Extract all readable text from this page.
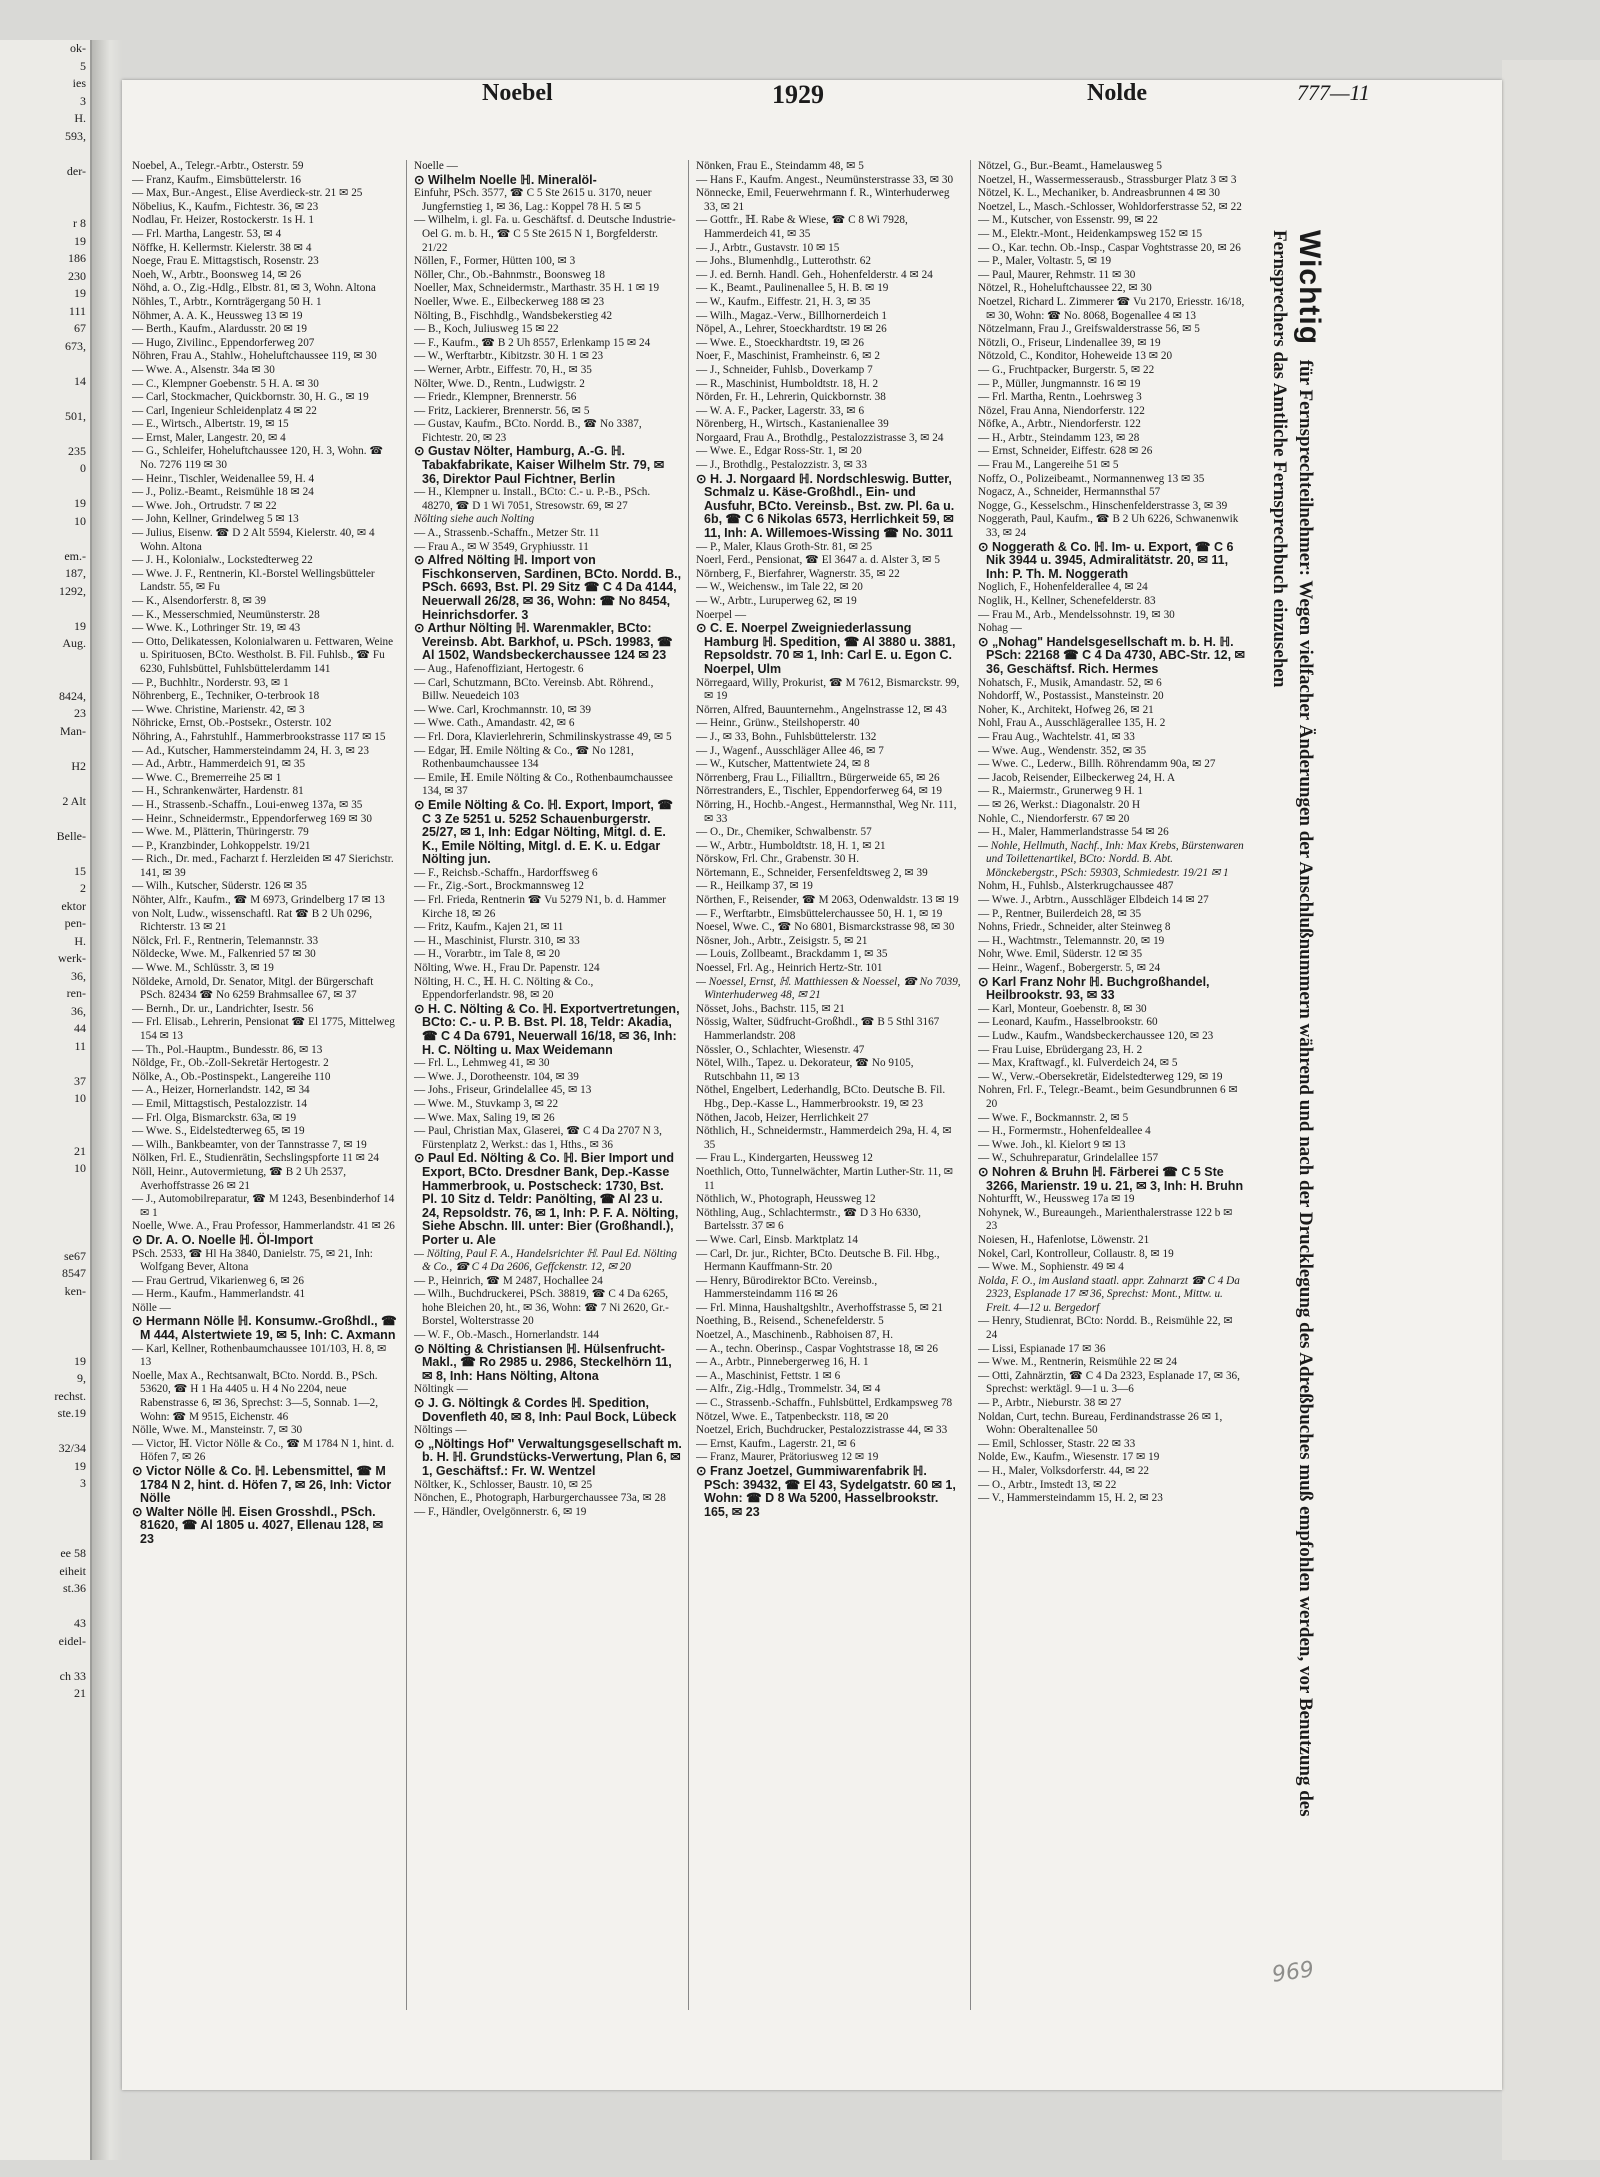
ok-
5
ies
3
H.
593,

der-

r 8
19
186
230
19
111
67
673,

14

501,

235
0

19
10

em.-
187,
1292,

19
Aug.

8424,
23
Man-

H2

2 Alt

Belle-

15
2
ektor
pen-
H.
werk-
36,
ren-
36,
44
11

37
10

21
10

se67
8547
ken-

19
9,
rechst.
ste.19

32/34
19
3

ee 58
eiheit
st.36

43
eidel-

ch 33
21
Noebel	1929	Nolde	777—11
Noebel, A., Telegr.-Arbtr., Osterstr. 59
— Franz, Kaufm., Eimsbüttelerstr. 16
— Max, Bur.-Angest., Elise Averdieck-str. 21 ✉ 25
Nöbelius, K., Kaufm., Fichtestr. 36, ✉ 23
Nodlau, Fr. Heizer, Rostockerstr. 1s H. 1
— Frl. Martha, Langestr. 53, ✉ 4
Nöffke, H. Kellermstr. Kielerstr. 38 ✉ 4
Noege, Frau E. Mittagstisch, Rosenstr. 23
Noeh, W., Arbtr., Boonsweg 14, ✉ 26
Nöhd, a. O., Zig.-Hdlg., Elbstr. 81, ✉ 3, Wohn. Altona
Nöhles, T., Arbtr., Kornträgergang 50 H. 1
Nöhmer, A. A. K., Heussweg 13 ✉ 19
— Berth., Kaufm., Alardusstr. 20 ✉ 19
— Hugo, Zivilinc., Eppendorferweg 207
Nöhren, Frau A., Stahlw., Hoheluftchaussee 119, ✉ 30
— Wwe. A., Alsenstr. 34a ✉ 30
— C., Klempner Goebenstr. 5 H. A. ✉ 30
— Carl, Stockmacher, Quickbornstr. 30, H. G., ✉ 19
— Carl, Ingenieur Schleidenplatz 4 ✉ 22
— E., Wirtsch., Albertstr. 19, ✉ 15
— Ernst, Maler, Langestr. 20, ✉ 4
— G., Schleifer, Hoheluftchaussee 120, H. 3, Wohn. ☎ No. 7276 119 ✉ 30
— Heinr., Tischler, Weidenallee 59, H. 4
— J., Poliz.-Beamt., Reismühle 18 ✉ 24
— Wwe. Joh., Ortrudstr. 7 ✉ 22
— John, Kellner, Grindelweg 5 ✉ 13
— Julius, Eisenw. ☎ D 2 Alt 5594, Kielerstr. 40, ✉ 4 Wohn. Altona
— J. H., Kolonialw., Lockstedterweg 22
— Wwe. J. F., Rentnerin, Kl.-Borstel Wellingsbütteler Landstr. 55, ✉ Fu
— K., Alsendorferstr. 8, ✉ 39
— K., Messerschmied, Neumünsterstr. 28
— Wwe. K., Lothringer Str. 19, ✉ 43
— Otto, Delikatessen, Kolonialwaren u. Fettwaren, Weine u. Spirituosen, BCto. Westholst. B. Fil. Fuhlsb., ☎ Fu 6230, Fuhlsbüttel, Fuhlsbüttelerdamm 141
— P., Buchhltr., Norderstr. 93, ✉ 1
Nöhrenberg, E., Techniker, O-terbrook 18
— Wwe. Christine, Marienstr. 42, ✉ 3
Nöhricke, Ernst, Ob.-Postsekr., Osterstr. 102
Nöhring, A., Fahrstuhlf., Hammerbrookstrasse 117 ✉ 15
— Ad., Kutscher, Hammersteindamm 24, H. 3, ✉ 23
— Ad., Arbtr., Hammerdeich 91, ✉ 35
— Wwe. C., Bremerreihe 25 ✉ 1
— H., Schrankenwärter, Hardenstr. 81
— H., Strassenb.-Schaffn., Loui-enweg 137a, ✉ 35
— Heinr., Schneidermstr., Eppendorferweg 169 ✉ 30
— Wwe. M., Plätterin, Thüringerstr. 79
— P., Kranzbinder, Lohkoppelstr. 19/21
— Rich., Dr. med., Facharzt f. Herzleiden ✉ 47 Sierichstr. 141, ✉ 39
— Wilh., Kutscher, Süderstr. 126 ✉ 35
Nöhter, Alfr., Kaufm., ☎ M 6973, Grindelberg 17 ✉ 13
von Nolt, Ludw., wissenschaftl. Rat ☎ B 2 Uh 0296, Richterstr. 13 ✉ 21
Nölck, Frl. F., Rentnerin, Telemannstr. 33
Nöldecke, Wwe. M., Falkenried 57 ✉ 30
— Wwe. M., Schlüsstr. 3, ✉ 19
Nöldeke, Arnold, Dr. Senator, Mitgl. der Bürgerschaft PSch. 82434 ☎ No 6259 Brahmsallee 67, ✉ 37
— Bernh., Dr. ur., Landrichter, Isestr. 56
— Frl. Elisab., Lehrerin, Pensionat ☎ El 1775, Mittelweg 154 ✉ 13
— Th., Pol.-Hauptm., Bundesstr. 86, ✉ 13
Nöldge, Fr., Ob.-Zoll-Sekretär Hertogestr. 2
Nölke, A., Ob.-Postinspekt., Langereihe 110
— A., Heizer, Hornerlandstr. 142, ✉ 34
— Emil, Mittagstisch, Pestalozzistr. 14
— Frl. Olga, Bismarckstr. 63a, ✉ 19
— Wwe. S., Eidelstedterweg 65, ✉ 19
— Wilh., Bankbeamter, von der Tannstrasse 7, ✉ 19
Nölken, Frl. E., Studienrätin, Sechslingspforte 11 ✉ 24
Nöll, Heinr., Autovermietung, ☎ B 2 Uh 2537, Averhoffstrasse 26 ✉ 21
— J., Automobilreparatur, ☎ M 1243, Besenbinderhof 14 ✉ 1
Noelle, Wwe. A., Frau Professor, Hammerlandstr. 41 ✉ 26
⊙ Dr. A. O. Noelle ℍ. Öl-Import
PSch. 2533, ☎ Hl Ha 3840, Danielstr. 75, ✉ 21, Inh: Wolfgang Bever, Altona
— Frau Gertrud, Vikarienweg 6, ✉ 26
— Herm., Kaufm., Hammerlandstr. 41
Nölle —
⊙ Hermann Nölle ℍ. Konsumw.-Großhdl., ☎ M 444, Alstertwiete 19, ✉ 5, Inh: C. Axmann
— Karl, Kellner, Rothenbaumchaussee 101/103, H. 8, ✉ 13
Noelle, Max A., Rechtsanwalt, BCto. Nordd. B., PSch. 53620, ☎ H 1 Ha 4405 u. H 4 No 2204, neue Rabenstrasse 6, ✉ 36, Sprechst: 3—5, Sonnab. 1—2, Wohn: ☎ M 9515, Eichenstr. 46
Nölle, Wwe. M., Mansteinstr. 7, ✉ 30
— Victor, ℍ. Victor Nölle & Co., ☎ M 1784 N 1, hint. d. Höfen 7, ✉ 26
⊙ Victor Nölle & Co. ℍ. Lebensmittel, ☎ M 1784 N 2, hint. d. Höfen 7, ✉ 26, Inh: Victor Nölle
⊙ Walter Nölle ℍ. Eisen Grosshdl., PSch. 81620, ☎ Al 1805 u. 4027, Ellenau 128, ✉ 23
Noelle —
⊙ Wilhelm Noelle ℍ. Mineralöl-
Einfuhr, PSch. 3577, ☎ C 5 Ste 2615 u. 3170, neuer Jungfernstieg 1, ✉ 36, Lag.: Koppel 78 H. 5 ✉ 5
— Wilhelm, i. gl. Fa. u. Geschäftsf. d. Deutsche Industrie-Oel G. m. b. H., ☎ C 5 Ste 2615 N 1, Borgfelderstr. 21/22
Nöllen, F., Former, Hütten 100, ✉ 3
Nöller, Chr., Ob.-Bahnmstr., Boonsweg 18
Noeller, Max, Schneidermstr., Marthastr. 35 H. 1 ✉ 19
Noeller, Wwe. E., Eilbeckerweg 188 ✉ 23
Nölting, B., Fischhdlg., Wandsbekerstieg 42
— B., Koch, Juliusweg 15 ✉ 22
— F., Kaufm., ☎ B 2 Uh 8557, Erlenkamp 15 ✉ 24
— W., Werftarbtr., Kibitzstr. 30 H. 1 ✉ 23
— Werner, Arbtr., Eiffestr. 70, H., ✉ 35
Nölter, Wwe. D., Rentn., Ludwigstr. 2
— Friedr., Klempner, Brennerstr. 56
— Fritz, Lackierer, Brennerstr. 56, ✉ 5
— Gustav, Kaufm., BCto. Nordd. B., ☎ No 3387, Fichtestr. 20, ✉ 23
⊙ Gustav Nölter, Hamburg, A.-G. ℍ. Tabakfabrikate, Kaiser Wilhelm Str. 79, ✉ 36, Direktor Paul Fichtner, Berlin
— H., Klempner u. Install., BCto: C.- u. P.-B., PSch. 48270, ☎ D 1 Wi 7051, Stresowstr. 69, ✉ 27
Nölting siehe auch Nolting
— A., Strassenb.-Schaffn., Metzer Str. 11
— Frau A., ✉ W 3549, Gryphiusstr. 11
⊙ Alfred Nölting ℍ. Import von Fischkonserven, Sardinen, BCto. Nordd. B., PSch. 6693, Bst. Pl. 29 Sitz ☎ C 4 Da 4144, Neuerwall 26/28, ✉ 36, Wohn: ☎ No 8454, Heinrichsdorfer. 3
⊙ Arthur Nölting ℍ. Warenmakler, BCto: Vereinsb. Abt. Barkhof, u. PSch. 19983, ☎ Al 1502, Wandsbeckerchaussee 124 ✉ 23
— Aug., Hafenoffiziant, Hertogestr. 6
— Carl, Schutzmann, BCto. Vereinsb. Abt. Röhrend., Billw. Neuedeich 103
— Wwe. Carl, Krochmannstr. 10, ✉ 39
— Wwe. Cath., Amandastr. 42, ✉ 6
— Frl. Dora, Klavierlehrerin, Schmilinskystrasse 49, ✉ 5
— Edgar, ℍ. Emile Nölting & Co., ☎ No 1281, Rothenbaumchaussee 134
— Emile, ℍ. Emile Nölting & Co., Rothenbaumchaussee 134, ✉ 37
⊙ Emile Nölting & Co. ℍ. Export, Import, ☎ C 3 Ze 5251 u. 5252 Schauenburgerstr. 25/27, ✉ 1, Inh: Edgar Nölting, Mitgl. d. E. K., Emile Nölting, Mitgl. d. E. K. u. Edgar Nölting jun.
— F., Reichsb.-Schaffn., Hardorffsweg 6
— Fr., Zig.-Sort., Brockmannsweg 12
— Frl. Frieda, Rentnerin ☎ Vu 5279 N1, b. d. Hammer Kirche 18, ✉ 26
— Fritz, Kaufm., Kajen 21, ✉ 11
— H., Maschinist, Flurstr. 310, ✉ 33
— H., Vorarbtr., im Tale 8, ✉ 20
Nölting, Wwe. H., Frau Dr. Papenstr. 124
Nölting, H. C., ℍ. H. C. Nölting & Co., Eppendorferlandstr. 98, ✉ 20
⊙ H. C. Nölting & Co. ℍ. Exportvertretungen, BCto: C.- u. P. B. Bst. Pl. 18, Teldr: Akadia, ☎ C 4 Da 6791, Neuerwall 16/18, ✉ 36, Inh: H. C. Nölting u. Max Weidemann
— Frl. L., Lehmweg 41, ✉ 30
— Wwe. J., Dorotheenstr. 104, ✉ 39
— Johs., Friseur, Grindelallee 45, ✉ 13
— Wwe. M., Stuvkamp 3, ✉ 22
— Wwe. Max, Saling 19, ✉ 26
— Paul, Christian Max, Glaserei, ☎ C 4 Da 2707 N 3, Fürstenplatz 2, Werkst.: das 1, Hths., ✉ 36
⊙ Paul Ed. Nölting & Co. ℍ. Bier Import und Export, BCto. Dresdner Bank, Dep.-Kasse Hammerbrook, u. Postscheck: 1730, Bst. Pl. 10 Sitz d. Teldr: Panölting, ☎ Al 23 u. 24, Repsoldstr. 76, ✉ 1, Inh: P. F. A. Nölting, Siehe Abschn. III. unter: Bier (Großhandl.), Porter u. Ale
— Nölting, Paul F. A., Handelsrichter ℍ. Paul Ed. Nölting & Co., ☎ C 4 Da 2606, Geffckenstr. 12, ✉ 20
— P., Heinrich, ☎ M 2487, Hochallee 24
— Wilh., Buchdruckerei, PSch. 38819, ☎ C 4 Da 6265, hohe Bleichen 20, ht., ✉ 36, Wohn: ☎ 7 Ni 2620, Gr.-Borstel, Wolterstrasse 20
— W. F., Ob.-Masch., Hornerlandstr. 144
⊙ Nölting & Christiansen ℍ. Hülsenfrucht-Makl., ☎ Ro 2985 u. 2986, Steckelhörn 11, ✉ 8, Inh: Hans Nölting, Altona
Nöltingk —
⊙ J. G. Nöltingk & Cordes ℍ. Spedition, Dovenfleth 40, ✉ 8, Inh: Paul Bock, Lübeck
Nöltings —
⊙ „Nöltings Hof" Verwaltungsgesellschaft m. b. H. ℍ. Grundstücks-Verwertung, Plan 6, ✉ 1, Geschäftsf.: Fr. W. Wentzel
Nöltker, K., Schlosser, Baustr. 10, ✉ 25
Nönchen, E., Photograph, Harburgerchaussee 73a, ✉ 28
— F., Händler, Ovelgönnerstr. 6, ✉ 19
Nönken, Frau E., Steindamm 48, ✉ 5
— Hans F., Kaufm. Angest., Neumünsterstrasse 33, ✉ 30
Nönnecke, Emil, Feuerwehrmann f. R., Winterhuderweg 33, ✉ 21
— Gottfr., ℍ. Rabe & Wiese, ☎ C 8 Wi 7928, Hammerdeich 41, ✉ 35
— J., Arbtr., Gustavstr. 10 ✉ 15
— Johs., Blumenhdlg., Lutterothstr. 62
— J. ed. Bernh. Handl. Geh., Hohenfelderstr. 4 ✉ 24
— K., Beamt., Paulinenallee 5, H. B. ✉ 19
— W., Kaufm., Eiffestr. 21, H. 3, ✉ 35
— Wilh., Magaz.-Verw., Billhornerdeich 1
Nöpel, A., Lehrer, Stoeckhardtstr. 19 ✉ 26
— Wwe. E., Stoeckhardtstr. 19, ✉ 26
Noer, F., Maschinist, Framheinstr. 6, ✉ 2
— J., Schneider, Fuhlsb., Doverkamp 7
— R., Maschinist, Humboldtstr. 18, H. 2
Nörden, Fr. H., Lehrerin, Quickbornstr. 38
— W. A. F., Packer, Lagerstr. 33, ✉ 6
Nörenberg, H., Wirtsch., Kastanienallee 39
Norgaard, Frau A., Brothdlg., Pestalozzistrasse 3, ✉ 24
— Wwe. E., Edgar Ross-Str. 1, ✉ 20
— J., Brothdlg., Pestalozzistr. 3, ✉ 33
⊙ H. J. Norgaard ℍ. Nordschleswig. Butter, Schmalz u. Käse-Großhdl., Ein- und Ausfuhr, BCto. Vereinsb., Bst. zw. Pl. 6a u. 6b, ☎ C 6 Nikolas 6573, Herrlichkeit 59, ✉ 11, Inh: A. Willemoes-Wissing ☎ No. 3011
— P., Maler, Klaus Groth-Str. 81, ✉ 25
Noerl, Ferd., Pensionat, ☎ El 3647 a. d. Alster 3, ✉ 5
Nörnberg, F., Bierfahrer, Wagnerstr. 35, ✉ 22
— W., Weichensw., im Tale 22, ✉ 20
— W., Arbtr., Luruperweg 62, ✉ 19
Noerpel —
⊙ C. E. Noerpel Zweigniederlassung Hamburg ℍ. Spedition, ☎ Al 3880 u. 3881, Repsoldstr. 70 ✉ 1, Inh: Carl E. u. Egon C. Noerpel, Ulm
Nörregaard, Willy, Prokurist, ☎ M 7612, Bismarckstr. 99, ✉ 19
Nörren, Alfred, Bauunternehm., Angelnstrasse 12, ✉ 43
— Heinr., Grünw., Steilshoperstr. 40
— J., ✉ 33, Bohn., Fuhlsbüttelerstr. 132
— J., Wagenf., Ausschläger Allee 46, ✉ 7
— W., Kutscher, Mattentwiete 24, ✉ 8
Nörrenberg, Frau L., Filialltrn., Bürgerweide 65, ✉ 26
Nörrestranders, E., Tischler, Eppendorferweg 64, ✉ 19
Nörring, H., Hochb.-Angest., Hermannsthal, Weg Nr. 111, ✉ 33
— O., Dr., Chemiker, Schwalbenstr. 57
— W., Arbtr., Humboldtstr. 18, H. 1, ✉ 21
Nörskow, Frl. Chr., Grabenstr. 30 H.
Nörtemann, E., Schneider, Fersenfeldtsweg 2, ✉ 39
— R., Heilkamp 37, ✉ 19
Nörthen, F., Reisender, ☎ M 2063, Odenwaldstr. 13 ✉ 19
— F., Werftarbtr., Eimsbüttelerchaussee 50, H. 1, ✉ 19
Noesel, Wwe. C., ☎ No 6801, Bismarckstrasse 98, ✉ 30
Nösner, Joh., Arbtr., Zeisigstr. 5, ✉ 21
— Louis, Zollbeamt., Brackdamm 1, ✉ 35
Noessel, Frl. Ag., Heinrich Hertz-Str. 101
— Noessel, Ernst, ℍ. Matthiessen & Noessel, ☎ No 7039, Winterhuderweg 48, ✉ 21
Nösset, Johs., Bachstr. 115, ✉ 21
Nössig, Walter, Südfrucht-Großhdl., ☎ B 5 Sthl 3167 Hammerlandstr. 208
Nössler, O., Schlachter, Wiesenstr. 47
Nötel, Wilh., Tapez. u. Dekorateur, ☎ No 9105, Rutschbahn 11, ✉ 13
Nöthel, Engelbert, Lederhandlg, BCto. Deutsche B. Fil. Hbg., Dep.-Kasse L., Hammerbrookstr. 19, ✉ 23
Nöthen, Jacob, Heizer, Herrlichkeit 27
Nöthlich, H., Schneidermstr., Hammerdeich 29a, H. 4, ✉ 35
— Frau L., Kindergarten, Heussweg 12
Noethlich, Otto, Tunnelwächter, Martin Luther-Str. 11, ✉ 11
Nöthlich, W., Photograph, Heussweg 12
Nöthling, Aug., Schlachtermstr., ☎ D 3 Ho 6330, Bartelsstr. 37 ✉ 6
— Wwe. Carl, Einsb. Marktplatz 14
— Carl, Dr. jur., Richter, BCto. Deutsche B. Fil. Hbg., Hermann Kauffmann-Str. 20
— Henry, Bürodirektor BCto. Vereinsb., Hammersteindamm 116 ✉ 26
— Frl. Minna, Haushaltgshltr., Averhoffstrasse 5, ✉ 21
Noething, B., Reisend., Schenefelderstr. 5
Noetzel, A., Maschinenb., Rabhoisen 87, H.
— A., techn. Oberinsp., Caspar Voghtstrasse 18, ✉ 26
— A., Arbtr., Pinnebergerweg 16, H. 1
— A., Maschinist, Fettstr. 1 ✉ 6
— Alfr., Zig.-Hdlg., Trommelstr. 34, ✉ 4
— C., Strassenb.-Schaffn., Fuhlsbüttel, Erdkampsweg 78
Nötzel, Wwe. E., Tatpenbeckstr. 118, ✉ 20
Noetzel, Erich, Buchdrucker, Pestalozzistrasse 44, ✉ 33
— Ernst, Kaufm., Lagerstr. 21, ✉ 6
— Franz, Maurer, Prätoriusweg 12 ✉ 19
⊙ Franz Joetzel, Gummiwarenfabrik ℍ. PSch: 39432, ☎ El 43, Sydelgatstr. 60 ✉ 1, Wohn: ☎ D 8 Wa 5200, Hasselbrookstr. 165, ✉ 23
Nötzel, G., Bur.-Beamt., Hamelausweg 5
Noetzel, H., Wassermesserausb., Strassburger Platz 3 ✉ 3
Nötzel, K. L., Mechaniker, b. Andreasbrunnen 4 ✉ 30
Noetzel, L., Masch.-Schlosser, Wohldorferstrasse 52, ✉ 22
— M., Kutscher, von Essenstr. 99, ✉ 22
— M., Elektr.-Mont., Heidenkampsweg 152 ✉ 15
— O., Kar. techn. Ob.-Insp., Caspar Voghtstrasse 20, ✉ 26
— P., Maler, Voltastr. 5, ✉ 19
— Paul, Maurer, Rehmstr. 11 ✉ 30
Nötzel, R., Hoheluftchaussee 22, ✉ 30
Noetzel, Richard L. Zimmerer ☎ Vu 2170, Eriesstr. 16/18, ✉ 30, Wohn: ☎ No. 8068, Bogenallee 4 ✉ 13
Nötzelmann, Frau J., Greifswalderstrasse 56, ✉ 5
Nötzli, O., Friseur, Lindenallee 39, ✉ 19
Nötzold, C., Konditor, Hoheweide 13 ✉ 20
— G., Fruchtpacker, Burgerstr. 5, ✉ 22
— P., Müller, Jungmannstr. 16 ✉ 19
— Frl. Martha, Rentn., Loehrsweg 3
Nözel, Frau Anna, Niendorferstr. 122
Nöfke, A., Arbtr., Niendorferstr. 122
— H., Arbtr., Steindamm 123, ✉ 28
— Ernst, Schneider, Eiffestr. 628 ✉ 26
— Frau M., Langereihe 51 ✉ 5
Noffz, O., Polizeibeamt., Normannenweg 13 ✉ 35
Nogacz, A., Schneider, Hermannsthal 57
Nogge, G., Kesselschm., Hinschenfelderstrasse 3, ✉ 39
Noggerath, Paul, Kaufm., ☎ B 2 Uh 6226, Schwanenwik 33, ✉ 24
⊙ Noggerath & Co. ℍ. Im- u. Export, ☎ C 6 Nik 3944 u. 3945, Admiralitätstr. 20, ✉ 11, Inh: P. Th. M. Noggerath
Noglich, F., Hohenfelderallee 4, ✉ 24
Noglik, H., Kellner, Schenefelderstr. 83
— Frau M., Arb., Mendelssohnstr. 19, ✉ 30
Nohag —
⊙ „Nohag" Handelsgesellschaft m. b. H. ℍ. PSch: 22168 ☎ C 4 Da 4730, ABC-Str. 12, ✉ 36, Geschäftsf. Rich. Hermes
Nohatsch, F., Musik, Amandastr. 52, ✉ 6
Nohdorff, W., Postassist., Mansteinstr. 20
Noher, K., Architekt, Hofweg 26, ✉ 21
Nohl, Frau A., Ausschlägerallee 135, H. 2
— Frau Aug., Wachtelstr. 41, ✉ 33
— Wwe. Aug., Wendenstr. 352, ✉ 35
— Wwe. C., Lederw., Billh. Röhrendamm 90a, ✉ 27
— Jacob, Reisender, Eilbeckerweg 24, H. A
— R., Maiermstr., Grunerweg 9 H. 1
— ✉ 26, Werkst.: Diagonalstr. 20 H
Nohle, C., Niendorferstr. 67 ✉ 20
— H., Maler, Hammerlandstrasse 54 ✉ 26
— Nohle, Hellmuth, Nachf., Inh: Max Krebs, Bürstenwaren und Toilettenartikel, BCto: Nordd. B. Abt. Mönckebergstr., PSch: 59303, Schmiedestr. 19/21 ✉ 1
Nohm, H., Fuhlsb., Alsterkrugchaussee 487
— Wwe. J., Arbtrn., Ausschläger Elbdeich 14 ✉ 27
— P., Rentner, Builerdeich 28, ✉ 35
Nohns, Friedr., Schneider, alter Steinweg 8
— H., Wachtmstr., Telemannstr. 20, ✉ 19
Nohr, Wwe. Emil, Süderstr. 12 ✉ 35
— Heinr., Wagenf., Bobergerstr. 5, ✉ 24
⊙ Karl Franz Nohr ℍ. Buchgroßhandel, Heilbrookstr. 93, ✉ 33
— Karl, Monteur, Goebenstr. 8, ✉ 30
— Leonard, Kaufm., Hasselbrookstr. 60
— Ludw., Kaufm., Wandsbeckerchaussee 120, ✉ 23
— Frau Luise, Ebrüdergang 23, H. 2
— Max, Kraftwagf., kl. Fulverdeich 24, ✉ 5
— W., Verw.-Obersekretär, Eidelstedterweg 129, ✉ 19
Nohren, Frl. F., Telegr.-Beamt., beim Gesundbrunnen 6 ✉ 20
— Wwe. F., Bockmannstr. 2, ✉ 5
— H., Formermstr., Hohenfeldeallee 4
— Wwe. Joh., kl. Kielort 9 ✉ 13
— W., Schuhreparatur, Grindelallee 157
⊙ Nohren & Bruhn ℍ. Färberei ☎ C 5 Ste 3266, Marienstr. 19 u. 21, ✉ 3, Inh: H. Bruhn
Nohturfft, W., Heussweg 17a ✉ 19
Nohynek, W., Bureaungeh., Marienthalerstrasse 122 b ✉ 23
Noiesen, H., Hafenlotse, Löwenstr. 21
Nokel, Carl, Kontrolleur, Collaustr. 8, ✉ 19
— Wwe. M., Sophienstr. 49 ✉ 4
Nolda, F. O., im Ausland staatl. appr. Zahnarzt ☎ C 4 Da 2323, Esplanade 17 ✉ 36, Sprechst: Mont., Mittw. u. Freit. 4—12 u. Bergedorf
— Henry, Studienrat, BCto: Nordd. B., Reismühle 22, ✉ 24
— Lissi, Espianade 17 ✉ 36
— Wwe. M., Rentnerin, Reismühle 22 ✉ 24
— Otti, Zahnärztin, ☎ C 4 Da 2323, Esplanade 17, ✉ 36, Sprechst: werktägl. 9—1 u. 3—6
— P., Arbtr., Nieburstr. 38 ✉ 27
Noldan, Curt, techn. Bureau, Ferdinandstrasse 26 ✉ 1, Wohn: Oberaltenallee 50
— Emil, Schlosser, Stastr. 22 ✉ 33
Nolde, Ew., Kaufm., Wiesenstr. 17 ✉ 19
— H., Maler, Volksdorferstr. 44, ✉ 22
— O., Arbtr., Imstedt 13, ✉ 22
— V., Hammersteindamm 15, H. 2, ✉ 23
Wichtig für Fernsprechteilnehmer: Wegen vielfacher Änderungen der Anschlußnummern während und nach der Drucklegung des Adreßbuches muß empfohlen werden, vor Benutzung des Fernsprechers das Amtliche Fernsprechbuch einzusehen
969
